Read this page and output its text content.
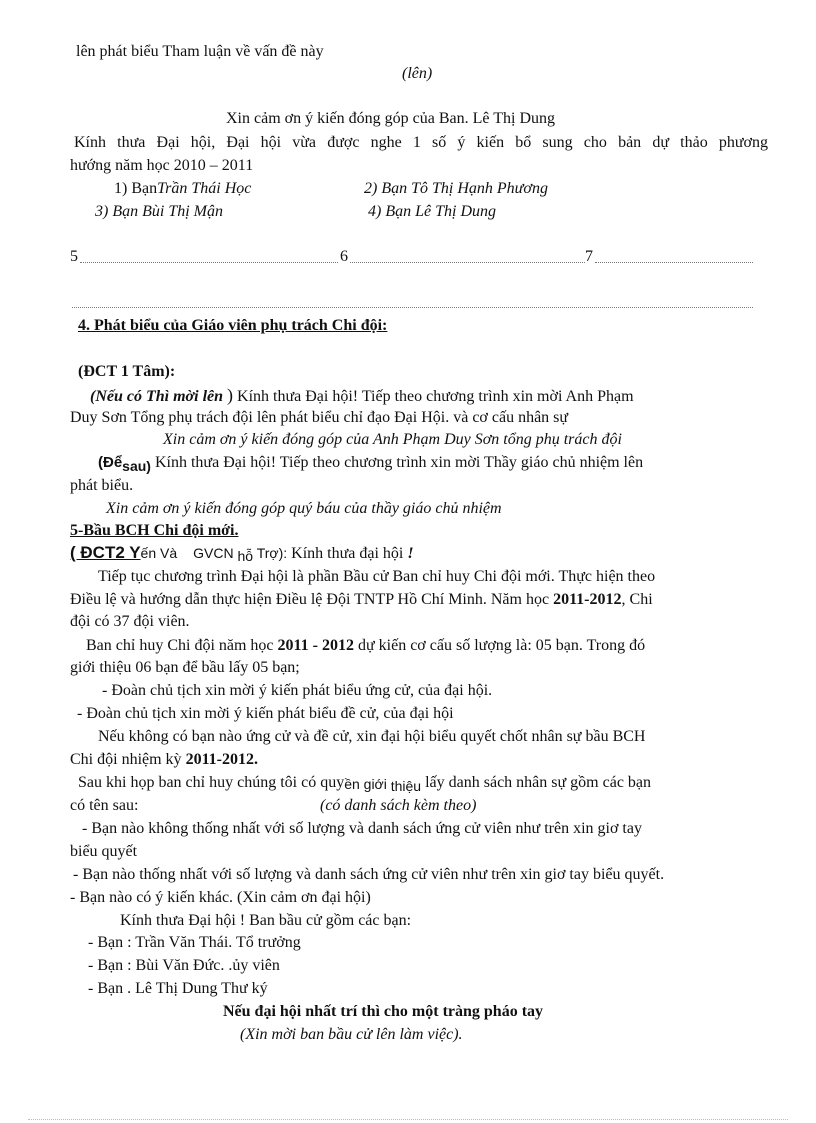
lên phát biểu Tham luận về vấn đề này
(lên)
Xin cảm ơn ý kiến đóng góp của Ban. Lê Thị Dung
Kính thưa Đại hội, Đại hội vừa được nghe 1 số ý kiến bổ sung cho bản dự thảo phương
hướng năm học 2010 – 2011
1) BạnTrần Thái Học	2) Bạn Tô Thị Hạnh Phương
3) Bạn Bùi Thị Mận	4) Bạn Lê Thị Dung
5	6	7
4. Phát biểu của Giáo viên phụ trách Chi đội:
(ĐCT 1 Tâm):
(Nếu có Thì mời lên ) Kính thưa Đại hội! Tiếp theo chương trình xin mời Anh Phạm
Duy Sơn Tổng phụ trách đội lên phát biểu chỉ đạo Đại Hội. và cơ cấu nhân sự
Xin cảm ơn ý kiến đóng góp của Anh Phạm Duy Sơn tổng phụ trách đội
(Đểsau) Kính thưa Đại hội! Tiếp theo chương trình xin mời Thầy giáo chủ nhiệm lên
phát biểu.
Xin cảm ơn ý kiến đóng góp quý báu của thầy giáo chủ nhiệm
5-Bầu BCH Chi đội mới.
( ĐCT2 Yến Và GVCN hỗ Trợ): Kính thưa đại hội !
Tiếp tục chương trình Đại hội là phần Bầu cử Ban chỉ huy Chi đội mới. Thực hiện theo
Điều lệ và hướng dẫn thực hiện Điều lệ Đội TNTP Hồ Chí Minh. Năm học 2011-2012, Chi
đội có 37 đội viên.
Ban chỉ huy Chi đội năm học 2011 - 2012 dự kiến cơ cấu số lượng là: 05 bạn. Trong đó
giới thiệu 06 bạn để bầu lấy 05 bạn;
- Đoàn chủ tịch xin mời ý kiến phát biểu ứng cử, của đại hội.
- Đoàn chủ tịch xin mời ý kiến phát biểu đề cử, của đại hội
Nếu không có bạn nào ứng cử và đề cử, xin đại hội biểu quyết chốt nhân sự bầu BCH
Chi đội nhiệm kỳ 2011-2012.
Sau khi họp ban chỉ huy chúng tôi có quyền giới thiệu lấy danh sách nhân sự gồm các bạn
có tên sau:	(có danh sách kèm theo)
- Bạn nào không thống nhất với số lượng và danh sách ứng cử viên như trên xin giơ tay
biểu quyết
- Bạn nào thống nhất với số lượng và danh sách ứng cử viên như trên xin giơ tay biểu quyết.
- Bạn nào có ý kiến khác. (Xin cảm ơn đại hội)
Kính thưa Đại hội ! Ban bầu cử gồm các bạn:
- Bạn : Trần Văn Thái. Tổ trưởng
- Bạn : Bùi Văn Đức. .ủy viên
- Bạn . Lê Thị Dung Thư ký
Nếu đại hội nhất trí thì cho một tràng pháo tay
(Xin mời ban bầu cử lên làm việc).
